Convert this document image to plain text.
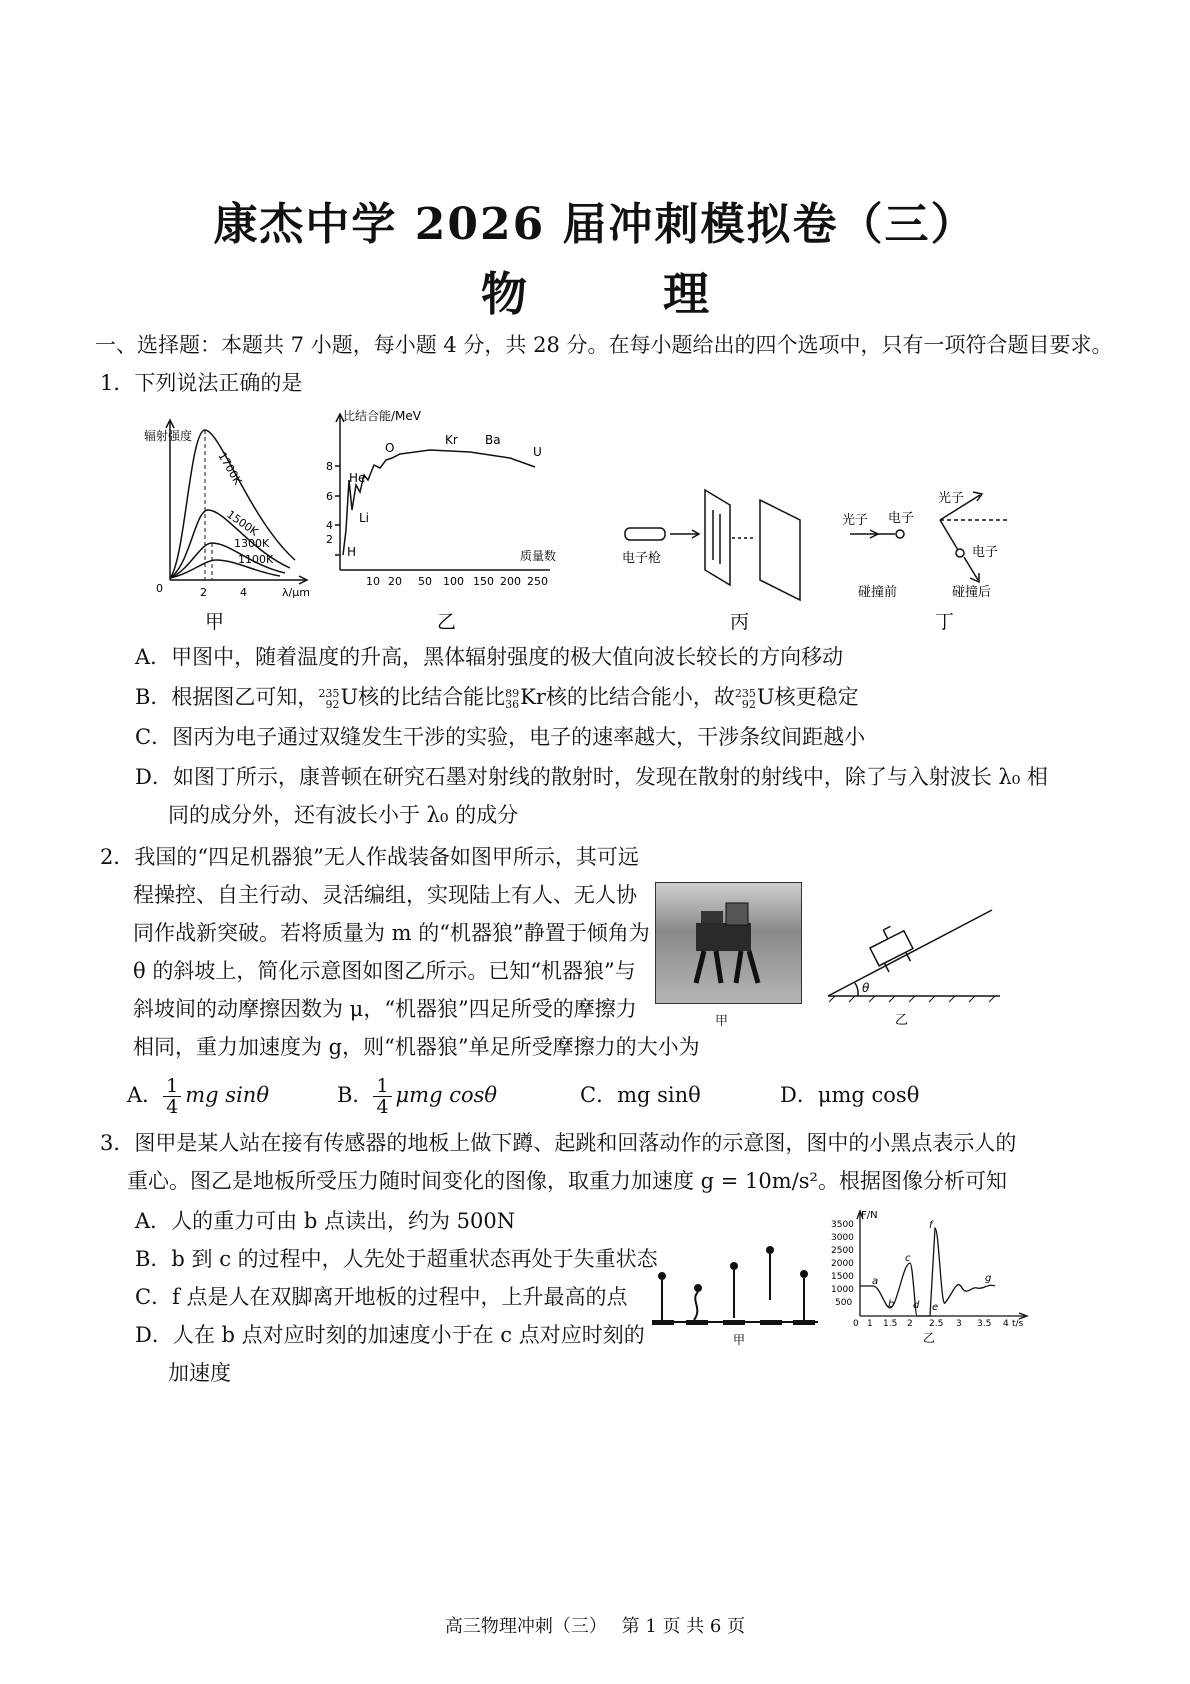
康杰中学 2026 届冲刺模拟卷（三）
物 理
一、选择题：本题共 7 小题，每小题 4 分，共 28 分。在每小题给出的四个选项中，只有一项符合题目要求。
1．下列说法正确的是
辐射强度
0	2	4	λ/μm
1700K
1500K
1300K
1100K
比结合能/MeV
2
4
6
8
10 20 50 100 150 200 250
质量数
He
Li
H
O
Kr Ba
U
电子枪
光子 电子
光子
电子
碰撞前	碰撞后
甲	乙	丙	丁
A．甲图中，随着温度的升高，黑体辐射强度的极大值向波长较长的方向移动
B．根据图乙可知， 235
92 U核的比结合能比 89
36 Kr核的比结合能小，故 235
92 U核更稳定
C．图丙为电子通过双缝发生干涉的实验，电子的速率越大，干涉条纹间距越小
D．如图丁所示，康普顿在研究石墨对射线的散射时，发现在散射的射线中，除了与入射波长 λ₀ 相
同的成分外，还有波长小于 λ₀ 的成分
2．我国的“四足机器狼”无人作战装备如图甲所示，其可远
程操控、自主行动、灵活编组，实现陆上有人、无人协
同作战新突破。若将质量为 m 的“机器狼”静置于倾角为
θ 的斜坡上，简化示意图如图乙所示。已知“机器狼”与
斜坡间的动摩擦因数为 μ，“机器狼”四足所受的摩擦力
相同，重力加速度为 g，则“机器狼”单足所受摩擦力的大小为
甲
θ
乙
A． $\frac{1}{4}$ mg sinθ	B． $\frac{1}{4}$ μmg cosθ	C．mg sinθ	D．μmg cosθ
3．图甲是某人站在接有传感器的地板上做下蹲、起跳和回落动作的示意图，图中的小黑点表示人的
重心。图乙是地板所受压力随时间变化的图像，取重力加速度 g = 10m/s²。根据图像分析可知
A．人的重力可由 b 点读出，约为 500N
B．b 到 c 的过程中，人先处于超重状态再处于失重状态
C．f 点是人在双脚离开地板的过程中，上升最高的点
D．人在 b 点对应时刻的加速度小于在 c 点对应时刻的
加速度
甲
F/N
500
1000
1500
2000
2500
3000
3500
0 1 1.5 2 2.5 3 3.5 4 t/s
a
b
c
d e
f
g
乙
高三物理冲刺（三）　 第 1 页 共 6 页
